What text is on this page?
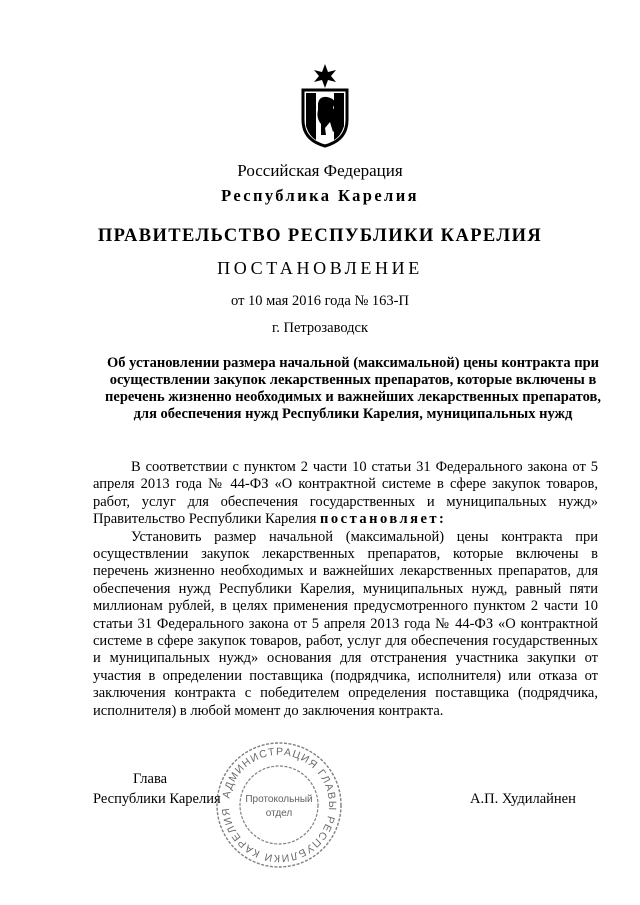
Российская Федерация
Республика Карелия
ПРАВИТЕЛЬСТВО РЕСПУБЛИКИ КАРЕЛИЯ
ПОСТАНОВЛЕНИЕ
от 10 мая 2016 года № 163-П
г. Петрозаводск
Об установлении размера начальной (максимальной) цены контракта при осуществлении закупок лекарственных препаратов, которые включены в перечень жизненно необходимых и важнейших лекарственных препаратов, для обеспечения нужд Республики Карелия, муниципальных нужд

В соответствии с пунктом 2 части 10 статьи 31 Федерального закона от 5 апреля 2013 года № 44-ФЗ «О контрактной системе в сфере закупок товаров, работ, услуг для обеспечения государственных и муниципальных нужд» Правительство Республики Карелия постановляет:

Установить размер начальной (максимальной) цены контракта при осуществлении закупок лекарственных препаратов, которые включены в перечень жизненно необходимых и важнейших лекарственных препаратов, для обеспечения нужд Республики Карелия, муниципальных нужд, равный пяти миллионам рублей, в целях применения предусмотренного пунктом 2 части 10 статьи 31 Федерального закона от 5 апреля 2013 года № 44-ФЗ «О контрактной системе в сфере закупок товаров, работ, услуг для обеспечения государственных и муниципальных нужд» основания для отстранения участника закупки от участия в определении поставщика (подрядчика, исполнителя) или отказа от заключения контракта с победителем определения поставщика (подрядчика, исполнителя) в любой момент до заключения контракта.

Глава
Республики Карелия	А.П. Худилайнен
АДМИНИСТРАЦИЯ ГЛАВЫ РЕСПУБЛИКИ КАРЕЛИЯ
Протокольный
отдел
